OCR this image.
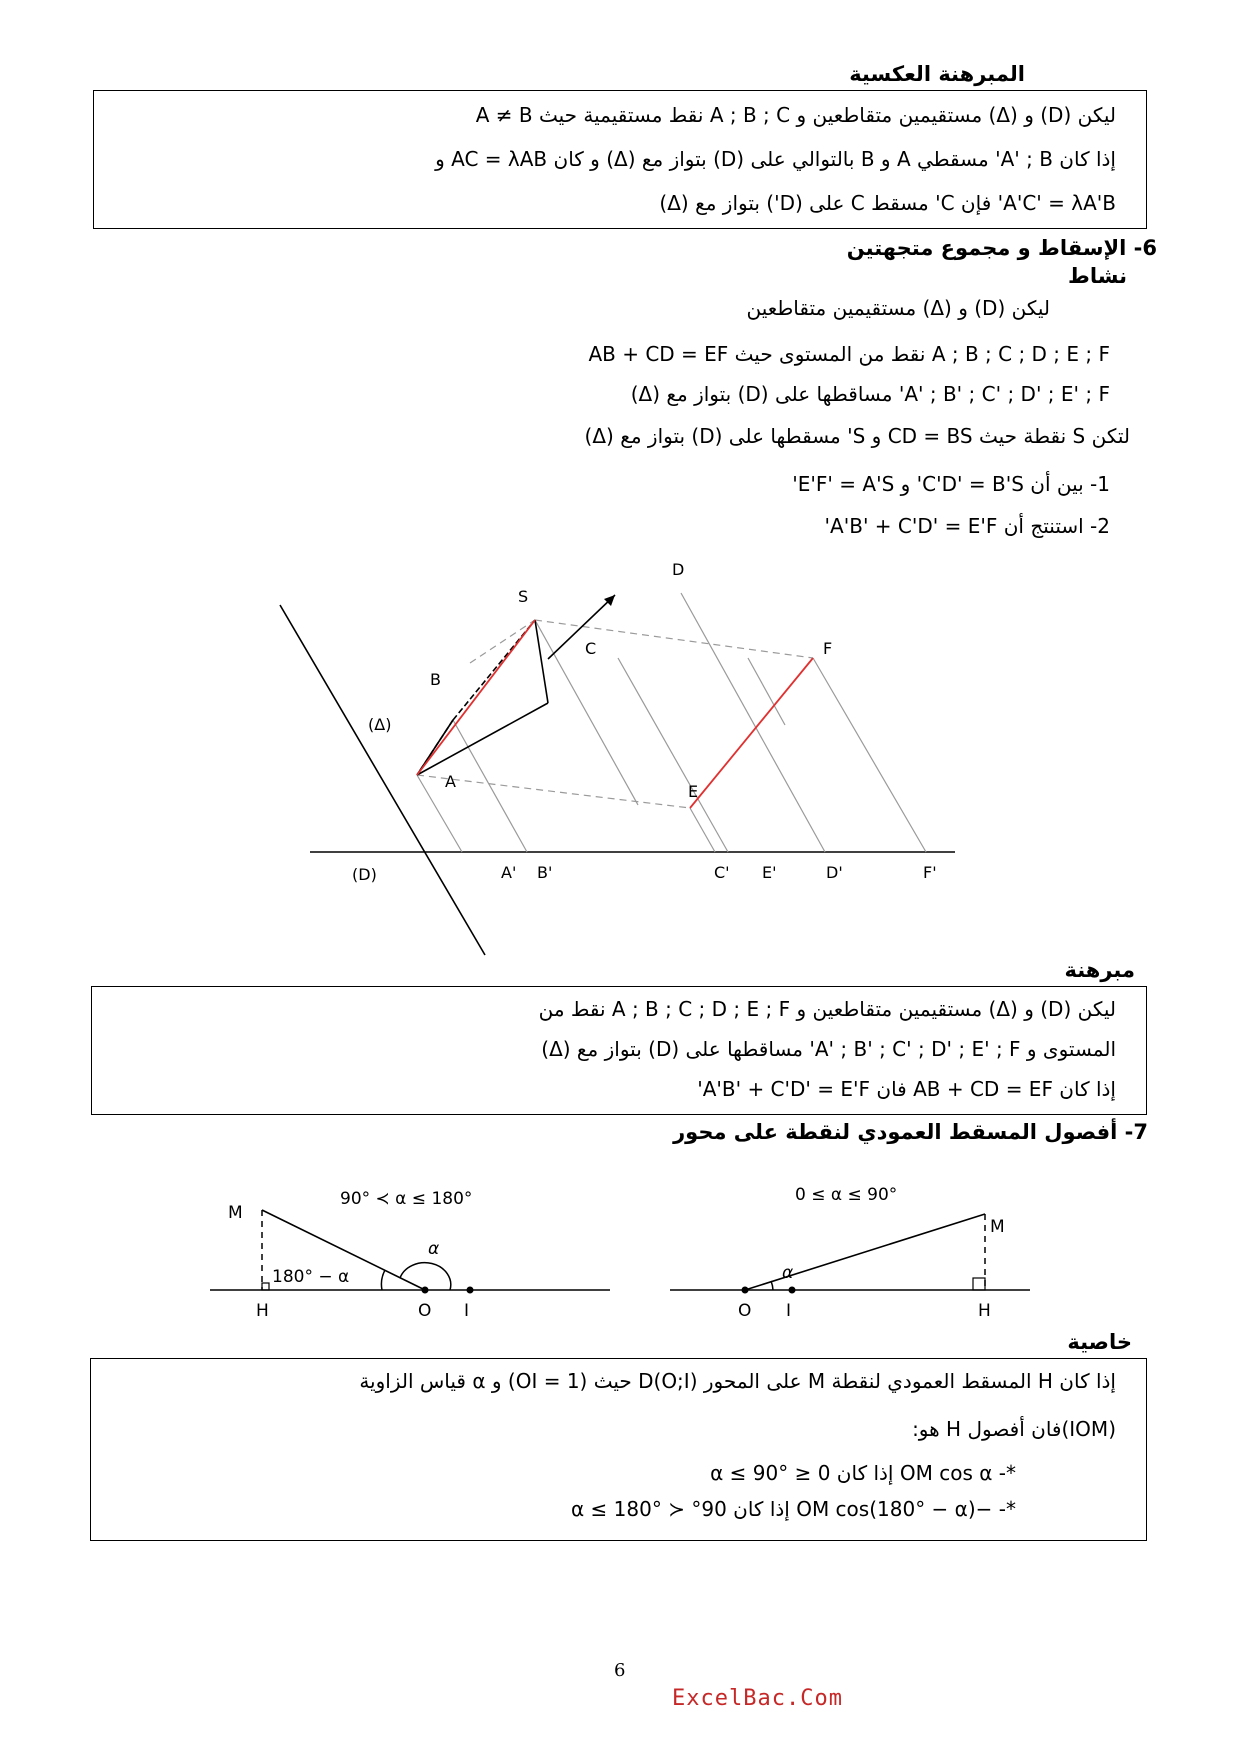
المبرهنة العكسية
ليكن (D) و (Δ) مستقيمين متقاطعين و A ; B ; C نقط مستقيمية حيث A ≠ B
إذا كان A' ; B' مسقطي A و B بالتوالي على (D) بتواز مع (Δ) و كان AC = λAB و
A'C' = λA'B' فإن C' مسقط C على (D') بتواز مع (Δ)
6- الإسقاط و مجموع متجهتين
نشاط
ليكن (D) و (Δ) مستقيمين متقاطعين
A ; B ; C ; D ; E ; F نقط من المستوى حيث AB + CD = EF
A' ; B' ; C' ; D' ; E' ; F' مساقطها على (D) بتواز مع (Δ)
لتكن S نقطة حيث CD = BS و S' مسقطها على (D) بتواز مع (Δ)
1- بين أن C'D' = B'S' و E'F' = A'S'
2- استنتج أن A'B' + C'D' = E'F'
S
D
C	F
B
A
E
(Δ)
(D)	A' B'	C' E'	D'	F'
مبرهنة
ليكن (D) و (Δ) مستقيمين متقاطعين و A ; B ; C ; D ; E ; F نقط من
المستوى و A' ; B' ; C' ; D' ; E' ; F' مساقطها على (D) بتواز مع (Δ)
إذا كان AB + CD = EF فان A'B' + C'D' = E'F'
7- أفصول المسقط العمودي لنقطة على محور
M
H	O I
90° ≺ α ≤ 180°
180° − α
α
M
O I	H
0 ≤ α ≤ 90°
α
خاصية
إذا كان H المسقط العمودي لنقطة M على المحور D(O;I) حيث (OI = 1) و α قياس الزاوية
(IOM)فان أفصول H هو:
*- OM cos α إذا كان 0 ≤ α ≤ 90°
*- −OM cos(180° − α) إذا كان 90° ≺ α ≤ 180°
6
ExcelBac.Com
